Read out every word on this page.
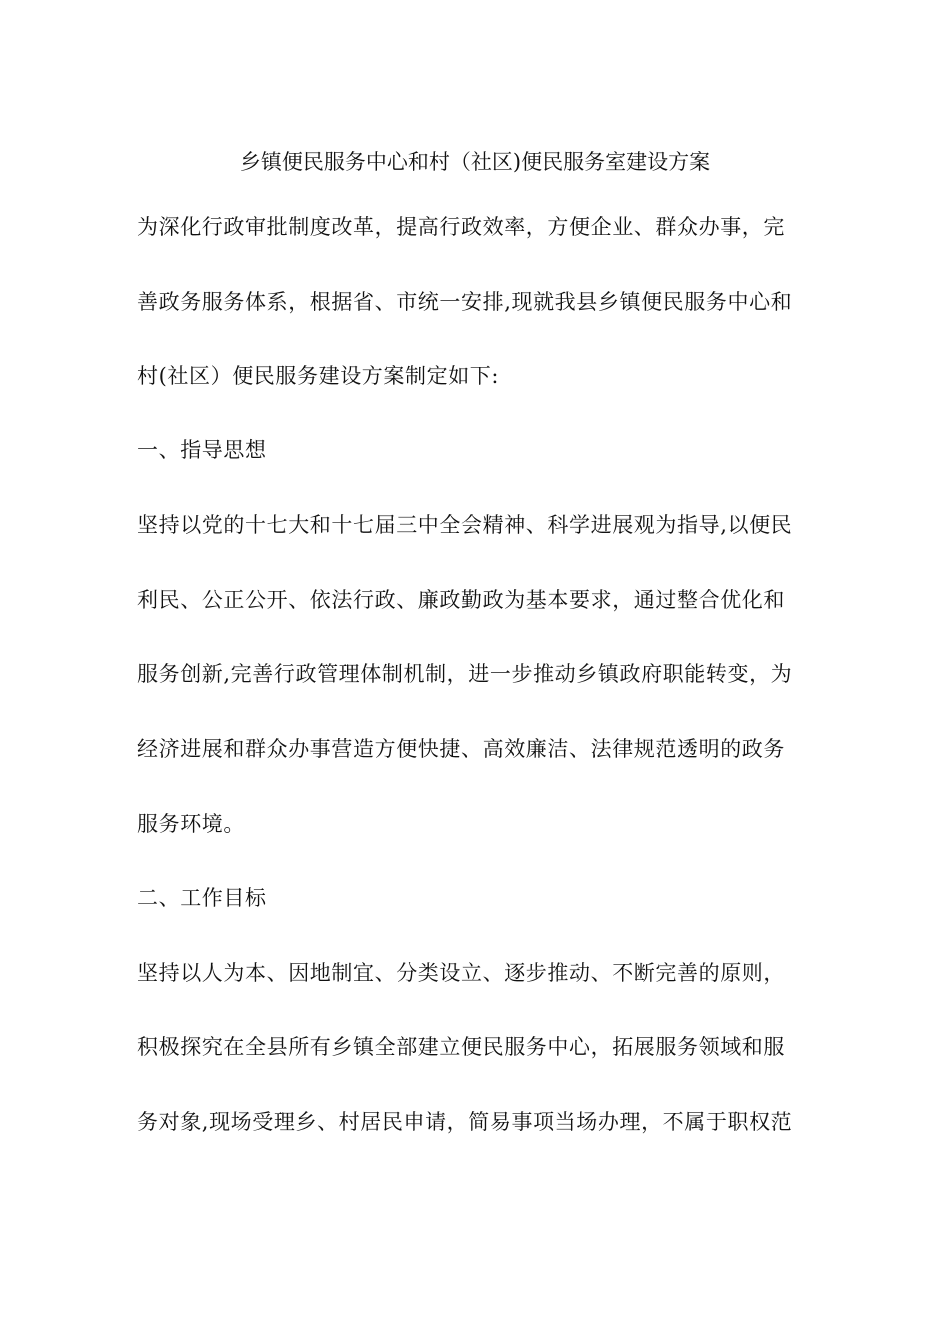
乡镇便民服务中心和村（社区)便民服务室建设方案
为深化行政审批制度改革，提高行政效率，方便企业、群众办事，完
善政务服务体系，根据省、市统一安排,现就我县乡镇便民服务中心和
村(社区）便民服务建设方案制定如下:
一、指导思想
坚持以党的十七大和十七届三中全会精神、科学进展观为指导,以便民
利民、公正公开、依法行政、廉政勤政为基本要求，通过整合优化和
服务创新,完善行政管理体制机制，进一步推动乡镇政府职能转变，为
经济进展和群众办事营造方便快捷、高效廉洁、法律规范透明的政务
服务环境。
二、工作目标
坚持以人为本、因地制宜、分类设立、逐步推动、不断完善的原则，
积极探究在全县所有乡镇全部建立便民服务中心，拓展服务领域和服
务对象,现场受理乡、村居民申请，简易事项当场办理，不属于职权范
